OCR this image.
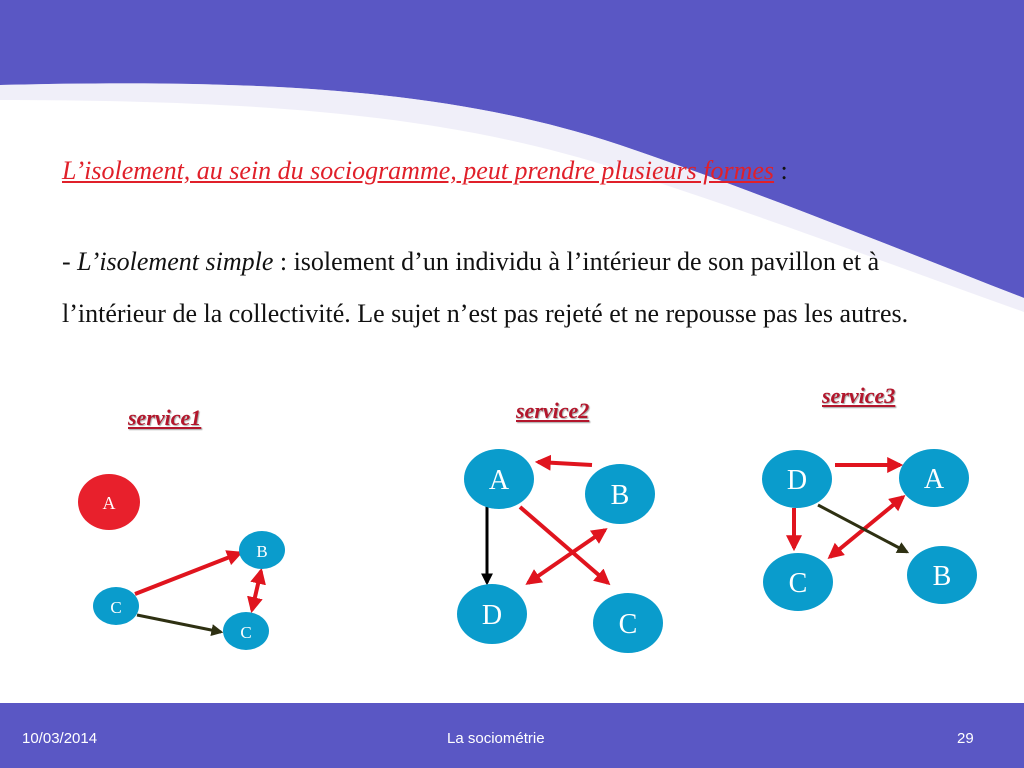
L’isolement, au sein du sociogramme, peut prendre plusieurs formes :
- L’isolement simple : isolement d’un individu à l’intérieur de son pavillon et à l’intérieur de la collectivité. Le sujet n’est pas rejeté et ne repousse pas les autres.
service1	service2
service3
A
B
C
C
A	B
D	C
D	A
C	B
10/03/2014	La sociométrie	29
